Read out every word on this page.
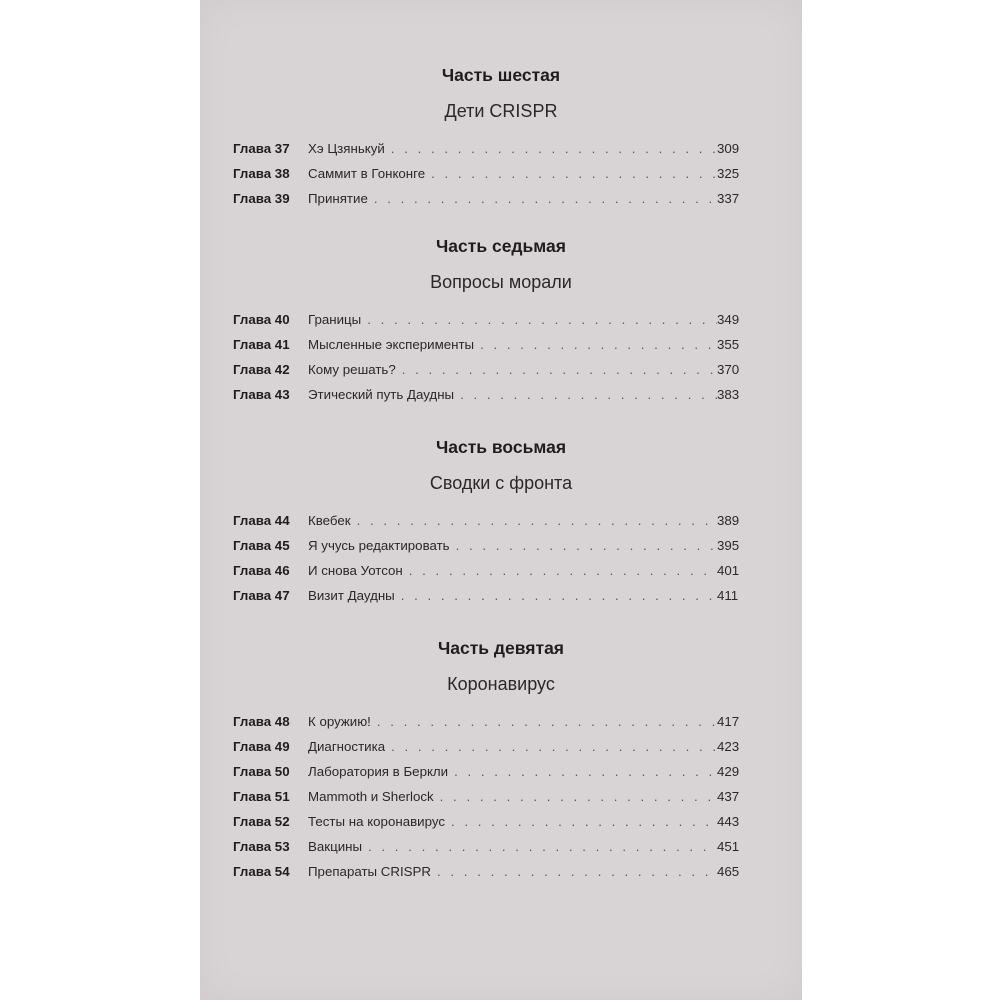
Часть шестая
Дети CRISPR
Глава 37 Хэ Цзянькуй . . .	309
Глава 38 Саммит в Гонконге . . .	325
Глава 39 Принятие . . .	337
Часть седьмая
Вопросы морали
Глава 40 Границы . . .	349
Глава 41 Мысленные эксперименты . . .	355
Глава 42 Кому решать? . . .	370
Глава 43 Этический путь Даудны . . .	383
Часть восьмая
Сводки с фронта
Глава 44 Квебек . . .	389
Глава 45 Я учусь редактировать . . .	395
Глава 46 И снова Уотсон . . .	401
Глава 47 Визит Даудны . . .	411
Часть девятая
Коронавирус
Глава 48 К оружию! . . .	417
Глава 49 Диагностика . . .	423
Глава 50 Лаборатория в Беркли . . .	429
Глава 51 Mammoth и Sherlock . . .	437
Глава 52 Тесты на коронавирус . . .	443
Глава 53 Вакцины . . .	451
Глава 54 Препараты CRISPR . . .	465
